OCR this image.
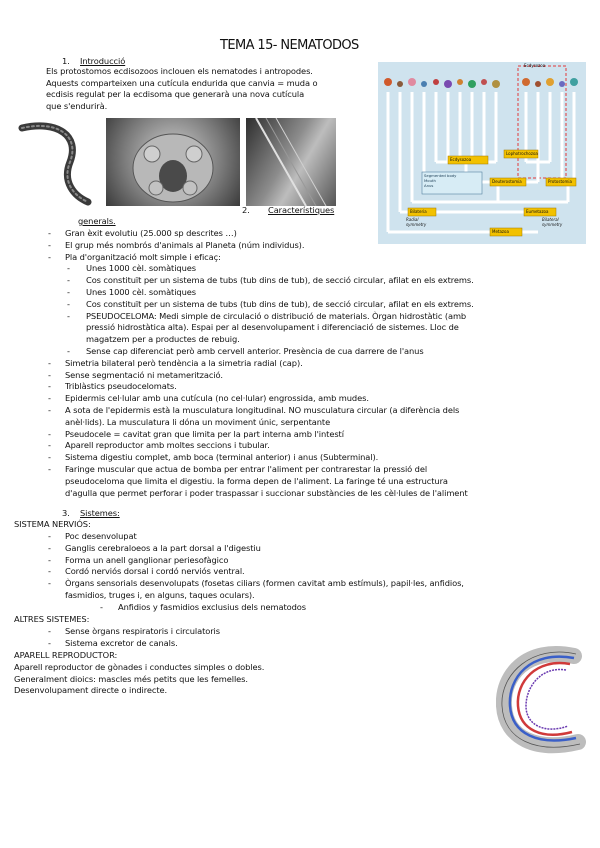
TEMA 15- NEMATODOS
1. Introducció
Els protostomos ecdisozoos inclouen els nematodes i antropodes.
Aquests comparteixen una cutícula endurida que canvia = muda o
ecdisis regulat per la ecdisoma que generarà una nova cutícula
que s'endurirà.
Ecdysozoa
Lophotrochozoa
Ecdysozoa
Deuterostomia	Protostomia
Bilateria	Eumetazoa
Metazoa
Segmented body
Mouth
Anus
Radial
symmetry
Bilateral
symmetry
2. Característiques
generals.
- Gran èxit evolutiu (25.000 sp descrites …)
- El grup més nombrós d'animals al Planeta (núm individus).
- Pla d'organització molt simple i eficaç:
- Unes 1000 cèl. somàtiques
- Cos constituït per un sistema de tubs (tub dins de tub), de secció circular, afilat en els extrems.
- Unes 1000 cèl. somàtiques
- Cos constituït per un sistema de tubs (tub dins de tub), de secció circular, afilat en els extrems.
- PSEUDOCELOMA: Medi simple de circulació o distribució de materials. Òrgan hidrostàtic (amb
pressió hidrostàtica alta). Espai per al desenvolupament i diferenciació de sistemes. Lloc de
magatzem per a productes de rebuig.
- Sense cap diferenciat però amb cervell anterior. Presència de cua darrere de l'anus
- Simetria bilateral però tendència a la simetria radial (cap).
- Sense segmentació ni metamerització.
- Triblàstics pseudocelomats.
- Epidermis cel·lular amb una cutícula (no cel·lular) engrossida, amb mudes.
- A sota de l'epidermis està la musculatura longitudinal. NO musculatura circular (a diferència dels
anèl·lids). La musculatura li dóna un moviment únic, serpentante
- Pseudocele = cavitat gran que limita per la part interna amb l'intestí
- Aparell reproductor amb moltes seccions i tubular.
- Sistema digestiu complet, amb boca (terminal anterior) i anus (Subterminal).
- Faringe muscular que actua de bomba per entrar l'aliment per contrarestar la pressió del
pseudoceloma que limita el digestiu. la forma depen de l'aliment. La faringe té una estructura
d'agulla que permet perforar i poder traspassar i succionar substàncies de les cèl·lules de l'aliment
3. Sistemes:
SISTEMA NERVIÓS:
- Poc desenvolupat
- Ganglis cerebraloeos a la part dorsal a l'digestiu
- Forma un anell ganglionar periesofàgico
- Cordó nerviós dorsal i cordó nerviós ventral.
- Òrgans sensorials desenvolupats (fosetas ciliars (formen cavitat amb estímuls), papil·les, anfidios,
fasmidios, truges i, en alguns, taques oculars).
- Anfidios y fasmidios exclusius dels nematodos
ALTRES SISTEMES:
- Sense òrgans respiratoris i circulatoris
- Sistema excretor de canals.
APARELL REPRODUCTOR:
Aparell reproductor de gònades i conductes simples o dobles.
Generalment dioics: mascles més petits que les femelles.
Desenvolupament directe o indirecte.
